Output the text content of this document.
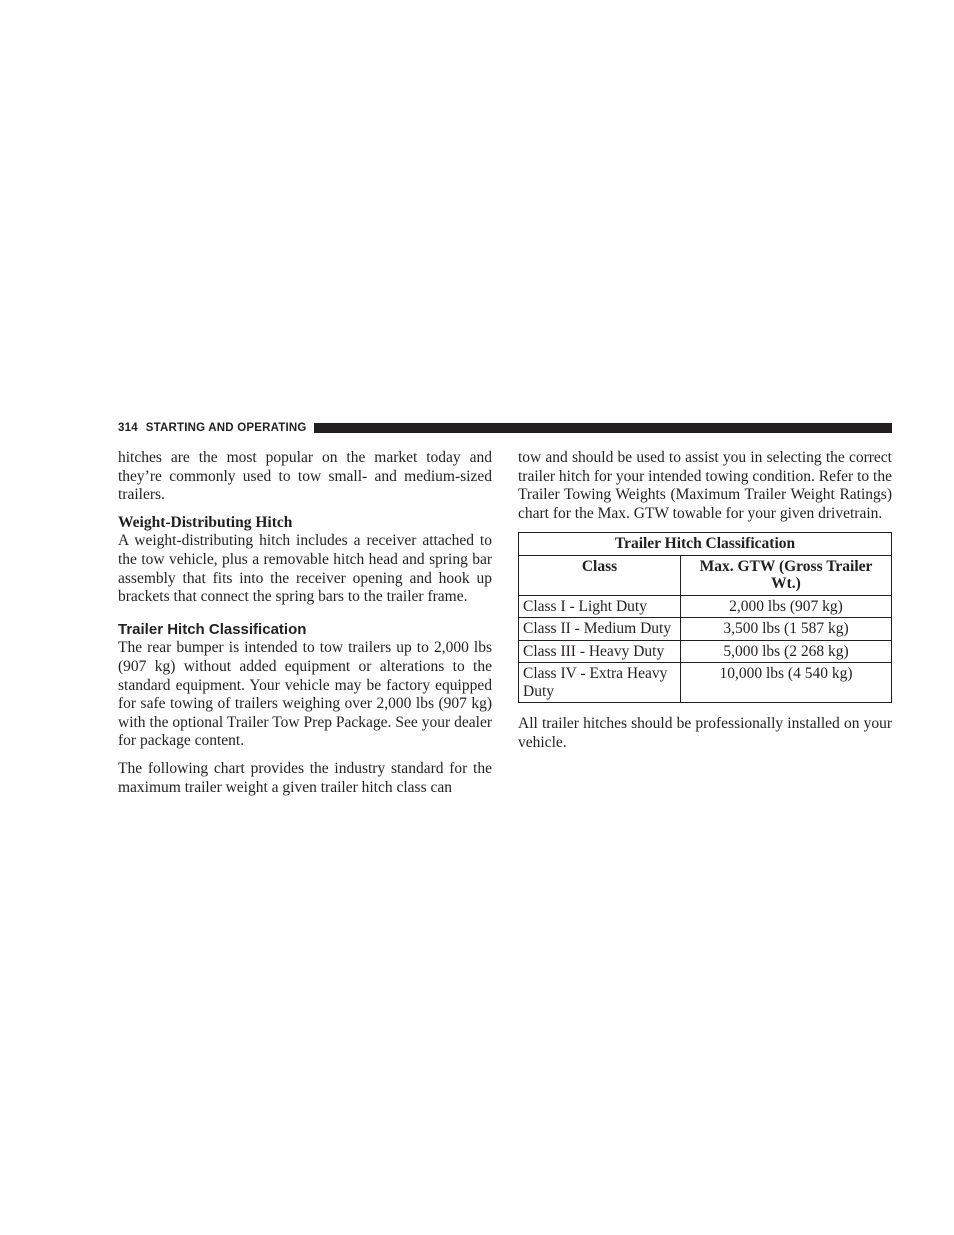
314 STARTING AND OPERATING

hitches are the most popular on the market today and they’re commonly used to tow small- and medium-sized trailers.

Weight-Distributing Hitch

A weight-distributing hitch includes a receiver attached to the tow vehicle, plus a removable hitch head and spring bar assembly that fits into the receiver opening and hook up brackets that connect the spring bars to the trailer frame.

Trailer Hitch Classification

The rear bumper is intended to tow trailers up to 2,000 lbs (907 kg) without added equipment or alterations to the standard equipment. Your vehicle may be factory equipped for safe towing of trailers weighing over 2,000 lbs (907 kg) with the optional Trailer Tow Prep Package. See your dealer for package content.

The following chart provides the industry standard for the maximum trailer weight a given trailer hitch class can

tow and should be used to assist you in selecting the correct trailer hitch for your intended towing condition. Refer to the Trailer Towing Weights (Maximum Trailer Weight Ratings) chart for the Max. GTW towable for your given drivetrain.

Trailer Hitch Classification	
Class	Max. GTW (Gross Trailer Wt.)
Class I - Light Duty	2,000 lbs (907 kg)
Class II - Medium Duty	3,500 lbs (1 587 kg)
Class III - Heavy Duty	5,000 lbs (2 268 kg)
Class IV - Extra Heavy Duty	10,000 lbs (4 540 kg)

All trailer hitches should be professionally installed on your vehicle.
